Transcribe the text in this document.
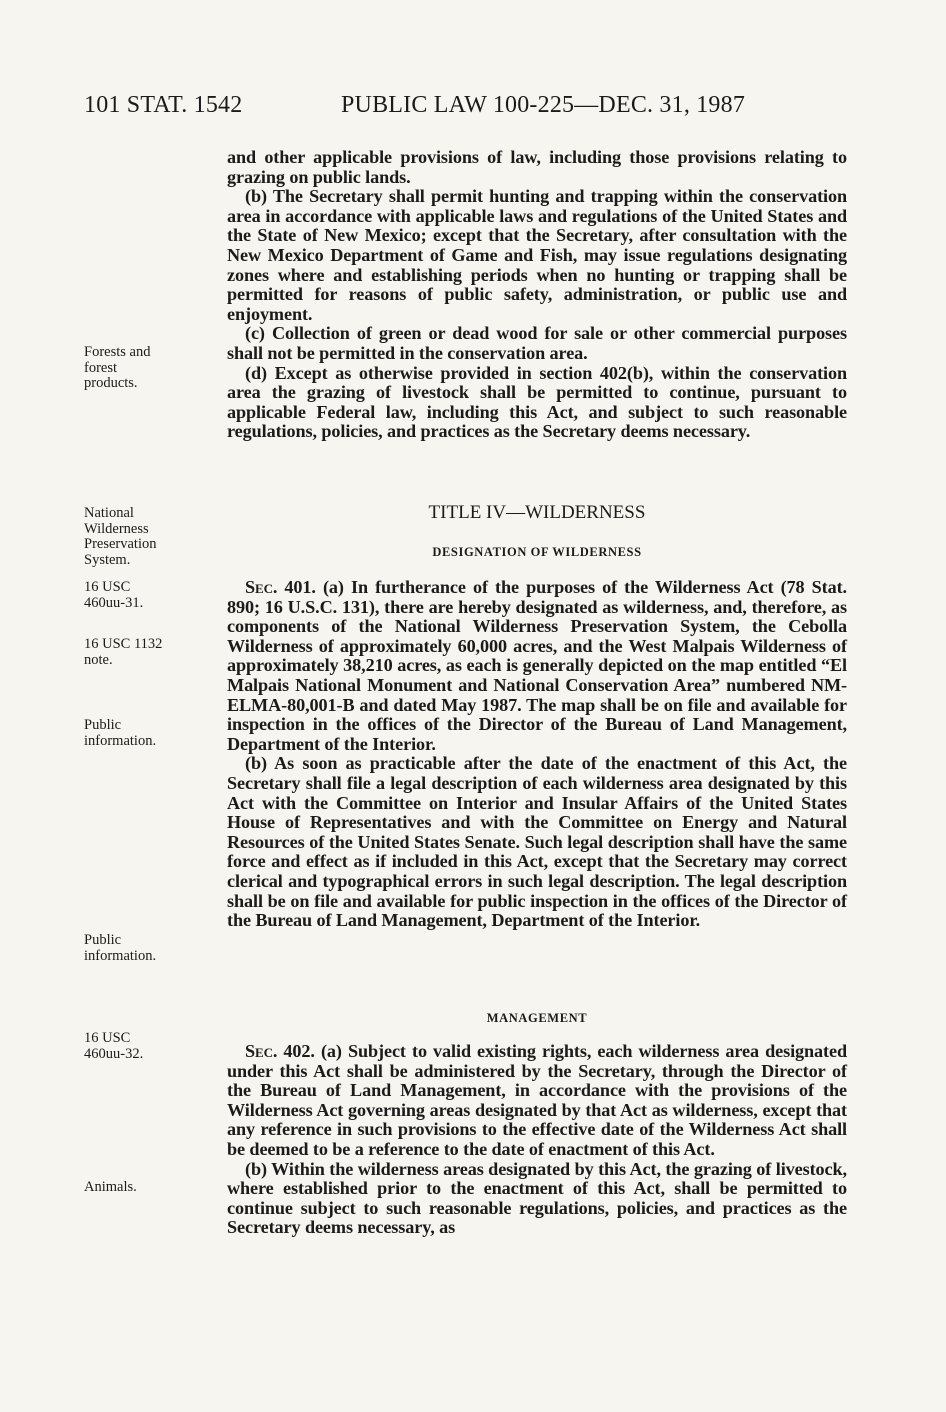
101 STAT. 1542	PUBLIC LAW 100-225—DEC. 31, 1987
Forests and
forest
products.
National
Wilderness
Preservation
System.
16 USC
460uu-31.
16 USC 1132
note.
Public
information.
Public
information.
16 USC
460uu-32.
Animals.

and other applicable provisions of law, including those provisions relating to grazing on public lands.

(b) The Secretary shall permit hunting and trapping within the conservation area in accordance with applicable laws and regulations of the United States and the State of New Mexico; except that the Secretary, after consultation with the New Mexico Department of Game and Fish, may issue regulations designating zones where and establishing periods when no hunting or trapping shall be permitted for reasons of public safety, administration, or public use and enjoyment.

(c) Collection of green or dead wood for sale or other commercial purposes shall not be permitted in the conservation area.

(d) Except as otherwise provided in section 402(b), within the conservation area the grazing of livestock shall be permitted to continue, pursuant to applicable Federal law, including this Act, and subject to such reasonable regulations, policies, and practices as the Secretary deems necessary.

TITLE IV—WILDERNESS
DESIGNATION OF WILDERNESS

Sec. 401. (a) In furtherance of the purposes of the Wilderness Act (78 Stat. 890; 16 U.S.C. 131), there are hereby designated as wilderness, and, therefore, as components of the National Wilderness Preservation System, the Cebolla Wilderness of approximately 60,000 acres, and the West Malpais Wilderness of approximately 38,210 acres, as each is generally depicted on the map entitled “El Malpais National Monument and National Conservation Area” numbered NM-ELMA-80,001-B and dated May 1987. The map shall be on file and available for inspection in the offices of the Director of the Bureau of Land Management, Department of the Interior.

(b) As soon as practicable after the date of the enactment of this Act, the Secretary shall file a legal description of each wilderness area designated by this Act with the Committee on Interior and Insular Affairs of the United States House of Representatives and with the Committee on Energy and Natural Resources of the United States Senate. Such legal description shall have the same force and effect as if included in this Act, except that the Secretary may correct clerical and typographical errors in such legal description. The legal description shall be on file and available for public inspection in the offices of the Director of the Bureau of Land Management, Department of the Interior.

MANAGEMENT

Sec. 402. (a) Subject to valid existing rights, each wilderness area designated under this Act shall be administered by the Secretary, through the Director of the Bureau of Land Management, in accordance with the provisions of the Wilderness Act governing areas designated by that Act as wilderness, except that any reference in such provisions to the effective date of the Wilderness Act shall be deemed to be a reference to the date of enactment of this Act.

(b) Within the wilderness areas designated by this Act, the grazing of livestock, where established prior to the enactment of this Act, shall be permitted to continue subject to such reasonable regulations, policies, and practices as the Secretary deems necessary, as
